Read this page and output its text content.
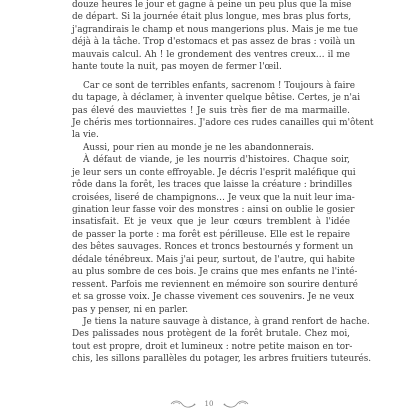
douze heures le jour et gagne à peine un peu plus que la mise
de départ. Si la journée était plus longue, mes bras plus forts,
j'agrandirais le champ et nous mangerions plus. Mais je me tue
déjà à la tâche. Trop d'estomacs et pas assez de bras : voilà un
mauvais calcul. Ah ! le grondement des ventres creux… il me
hante toute la nuit, pas moyen de fermer l'œil.
Car ce sont de terribles enfants, sacrenom ! Toujours à faire
du tapage, à déclamer, à inventer quelque bêtise. Certes, je n'ai
pas élevé des mauviettes ! Je suis très fier de ma marmaille.
Je chéris mes tortionnaires. J'adore ces rudes canailles qui m'ôtent
la vie.
Aussi, pour rien au monde je ne les abandonnerais.
À défaut de viande, je les nourris d'histoires. Chaque soir,
je leur sers un conte effroyable. Je décris l'esprit maléfique qui
rôde dans la forêt, les traces que laisse la créature : brindilles
croisées, liseré de champignons… Je veux que la nuit leur ima-
gination leur fasse voir des monstres : ainsi on oublie le gosier
insatisfait. Et je veux que je leur cœurs tremblent à l'idée
de passer la porte : ma forêt est périlleuse. Elle est le repaire
des bêtes sauvages. Ronces et troncs bestournés y forment un
dédale ténébreux. Mais j'ai peur, surtout, de l'autre, qui habite
au plus sombre de ces bois. Je crains que mes enfants ne l'inté-
ressent. Parfois me reviennent en mémoire son sourire denturé
et sa grosse voix. Je chasse vivement ces souvenirs. Je ne veux
pas y penser, ni en parler.
Je tiens la nature sauvage à distance, à grand renfort de hache.
Des palissades nous protègent de la forêt brutale. Chez moi,
tout est propre, droit et lumineux : notre petite maison en tor-
chis, les sillons parallèles du potager, les arbres fruitiers tuteurés.
10
